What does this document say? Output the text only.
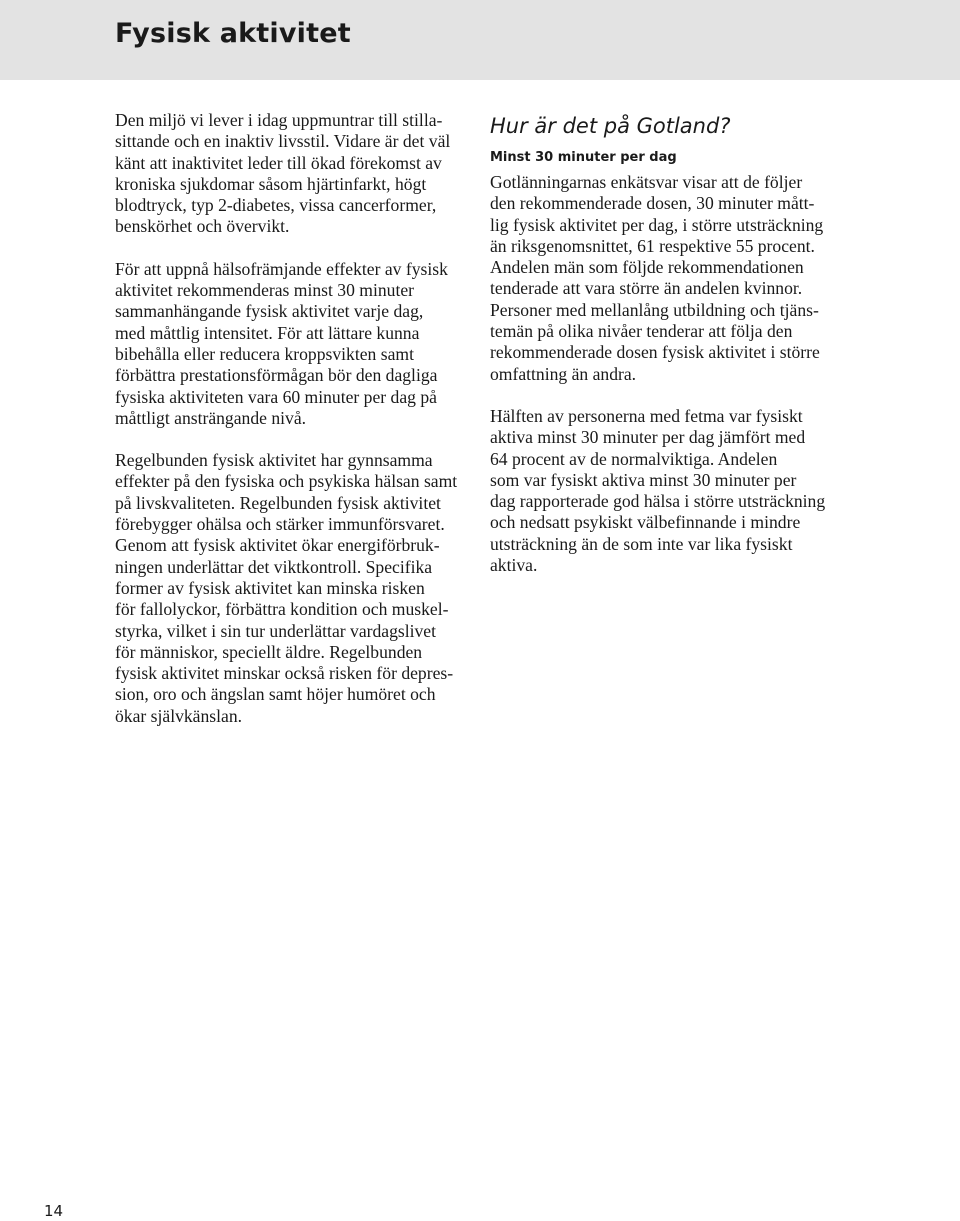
Fysisk aktivitet

Den miljö vi lever i idag uppmuntrar till stilla-
sittande och en inaktiv livsstil. Vidare är det väl
känt att inaktivitet leder till ökad förekomst av
kroniska sjukdomar såsom hjärtinfarkt, högt
blodtryck, typ 2-diabetes, vissa cancerformer,
benskörhet och övervikt.

För att uppnå hälsofrämjande effekter av fysisk
aktivitet rekommenderas minst 30 minuter
sammanhängande fysisk aktivitet varje dag,
med måttlig intensitet. För att lättare kunna
bibehålla eller reducera kroppsvikten samt
förbättra prestationsförmågan bör den dagliga
fysiska aktiviteten vara 60 minuter per dag på
måttligt ansträngande nivå.

Regelbunden fysisk aktivitet har gynnsamma
effekter på den fysiska och psykiska hälsan samt
på livskvaliteten. Regelbunden fysisk aktivitet
förebygger ohälsa och stärker immunförsvaret.
Genom att fysisk aktivitet ökar energiförbruk-
ningen underlättar det viktkontroll. Specifika
former av fysisk aktivitet kan minska risken
för fallolyckor, förbättra kondition och muskel-
styrka, vilket i sin tur underlättar vardagslivet
för människor, speciellt äldre. Regelbunden
fysisk aktivitet minskar också risken för depres-
sion, oro och ängslan samt höjer humöret och
ökar självkänslan.

Hur är det på Gotland?
Minst 30 minuter per dag

Gotlänningarnas enkätsvar visar att de följer
den rekommenderade dosen, 30 minuter mått-
lig fysisk aktivitet per dag, i större utsträckning
än riksgenomsnittet, 61 respektive 55 procent.
Andelen män som följde rekommendationen
tenderade att vara större än andelen kvinnor.
Personer med mellanlång utbildning och tjäns-
temän på olika nivåer tenderar att följa den
rekommenderade dosen fysisk aktivitet i större
omfattning än andra.

Hälften av personerna med fetma var fysiskt
aktiva minst 30 minuter per dag jämfört med
64 procent av de normalviktiga. Andelen
som var fysiskt aktiva minst 30 minuter per
dag rapporterade god hälsa i större utsträckning
och nedsatt psykiskt välbefinnande i mindre
utsträckning än de som inte var lika fysiskt
aktiva.

14
